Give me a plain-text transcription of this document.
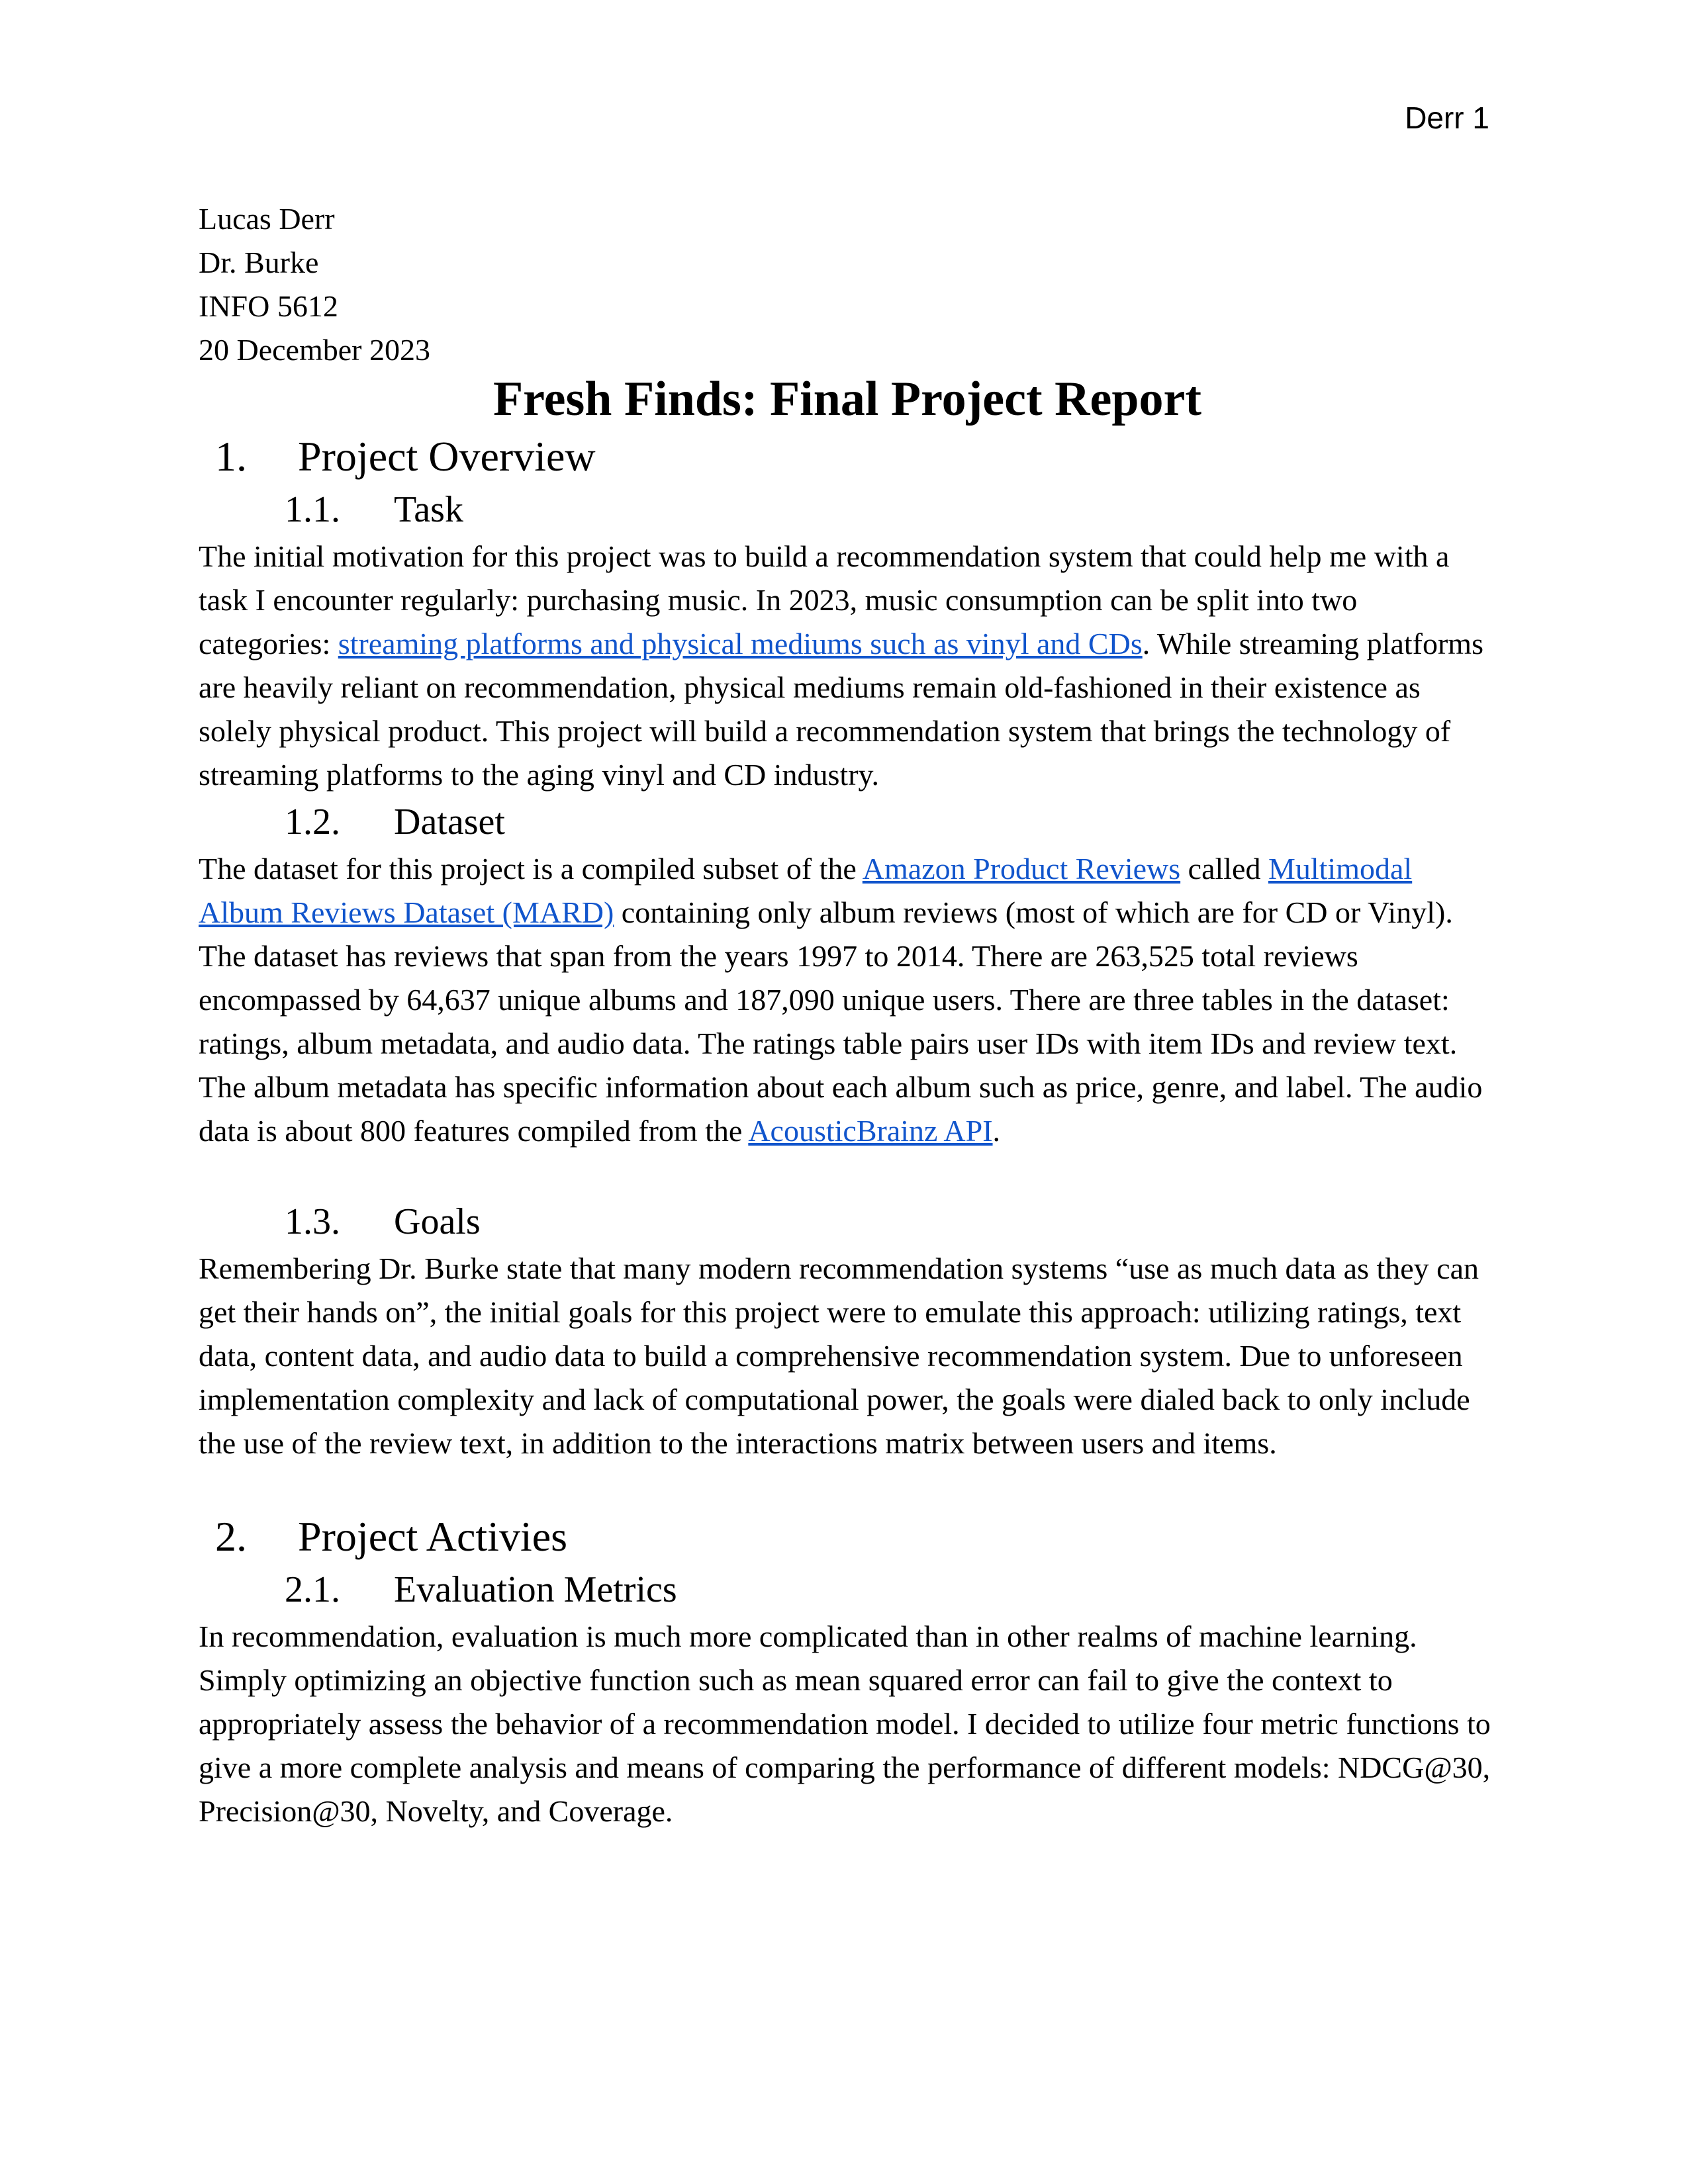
Derr 1

Lucas Derr

Dr. Burke

INFO 5612

20 December 2023

Fresh Finds: Final Project Report
1.	Project Overview
1.1.	Task

The initial motivation for this project was to build a recommendation system that could help me with a task I encounter regularly: purchasing music. In 2023, music consumption can be split into two categories: streaming platforms and physical mediums such as vinyl and CDs. While streaming platforms are heavily reliant on recommendation, physical mediums remain old-fashioned in their existence as solely physical product. This project will build a recommendation system that brings the technology of streaming platforms to the aging vinyl and CD industry.

1.2.	Dataset

The dataset for this project is a compiled subset of the Amazon Product Reviews called Multimodal Album Reviews Dataset (MARD) containing only album reviews (most of which are for CD or Vinyl). The dataset has reviews that span from the years 1997 to 2014. There are 263,525 total reviews encompassed by 64,637 unique albums and 187,090 unique users. There are three tables in the dataset: ratings, album metadata, and audio data. The ratings table pairs user IDs with item IDs and review text. The album metadata has specific information about each album such as price, genre, and label. The audio data is about 800 features compiled from the AcousticBrainz API.

1.3.	Goals

Remembering Dr. Burke state that many modern recommendation systems “use as much data as they can get their hands on”, the initial goals for this project were to emulate this approach: utilizing ratings, text data, content data, and audio data to build a comprehensive recommendation system. Due to unforeseen implementation complexity and lack of computational power, the goals were dialed back to only include the use of the review text, in addition to the interactions matrix between users and items.

2.	Project Activies
2.1.	Evaluation Metrics

In recommendation, evaluation is much more complicated than in other realms of machine learning. Simply optimizing an objective function such as mean squared error can fail to give the context to appropriately assess the behavior of a recommendation model. I decided to utilize four metric functions to give a more complete analysis and means of comparing the performance of different models: NDCG@30, Precision@30, Novelty, and Coverage.
